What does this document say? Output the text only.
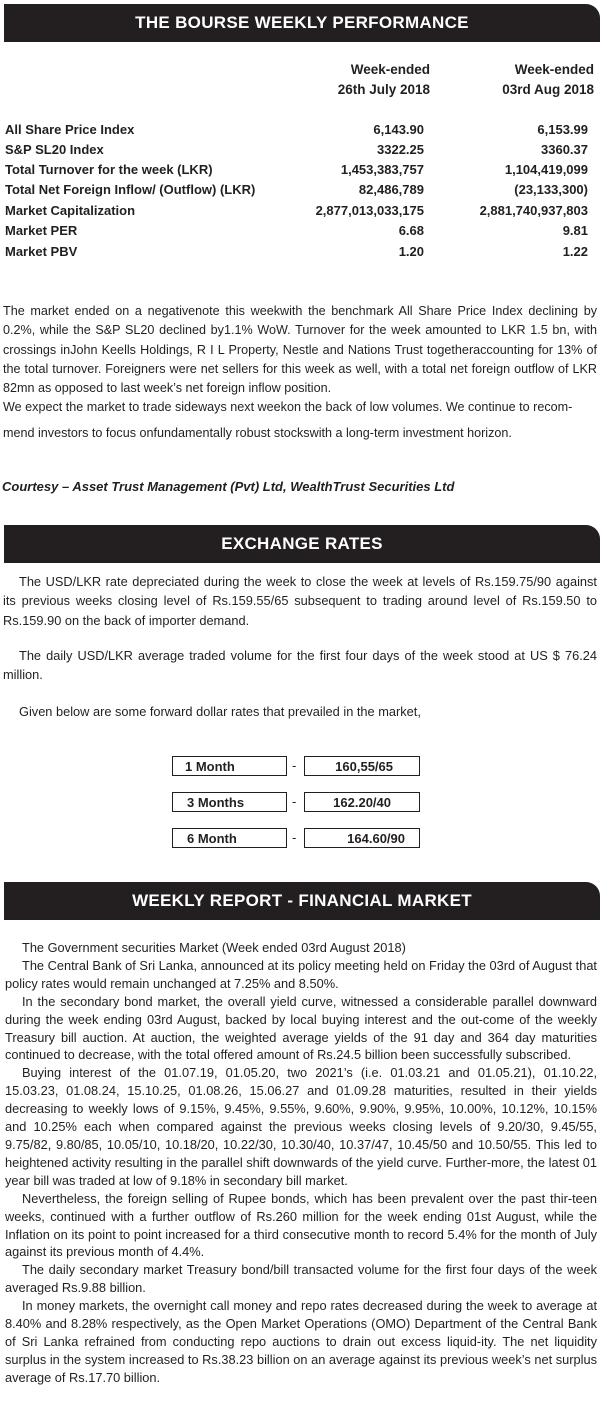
THE BOURSE WEEKLY PERFORMANCE
Week-ended
26th July 2018
Week-ended
03rd Aug 2018
All Share Price Index	6,143.90	6,153.99
S&P SL20 Index	3322.25	3360.37
Total Turnover for the week (LKR)	1,453,383,757	1,104,419,099
Total Net Foreign Inflow/ (Outflow) (LKR)	82,486,789	(23,133,300)
Market Capitalization	2,877,013,033,175	2,881,740,937,803
Market PER	6.68	9.81
Market PBV	1.20	1.22

The market ended on a negativenote this weekwith the benchmark All Share Price Index declining by 0.2%, while the S&P SL20 declined by1.1% WoW. Turnover for the week amounted to LKR 1.5 bn, with crossings inJohn Keells Holdings, R I L Property, Nestle and Nations Trust togetheraccounting for 13% of the total turnover. Foreigners were net sellers for this week as well, with a total net foreign outflow of LKR 82mn as opposed to last week’s net foreign inflow position.

We expect the market to trade sideways next weekon the back of low volumes. We continue to recom-

mend investors to focus onfundamentally robust stockswith a long-term investment horizon.

Courtesy – Asset Trust Management (Pvt) Ltd, WealthTrust Securities Ltd
EXCHANGE RATES

The USD/LKR rate depreciated during the week to close the week at levels of Rs.159.75/90 against its previous weeks closing level of Rs.159.55/65 subsequent to trading around level of Rs.159.50 to Rs.159.90 on the back of importer demand.

The daily USD/LKR average traded volume for the first four days of the week stood at US $ 76.24 million.

Given below are some forward dollar rates that prevailed in the market,

1 Month	-	160,55/65
3 Months	-	162.20/40
6 Month	-	164.60/90
WEEKLY REPORT - FINANCIAL MARKET

The Government securities Market (Week ended 03rd August 2018)

The Central Bank of Sri Lanka, announced at its policy meeting held on Friday the 03rd of August that policy rates would remain unchanged at 7.25% and 8.50%.

In the secondary bond market, the overall yield curve, witnessed a considerable parallel downward during the week ending 03rd August, backed by local buying interest and the out-come of the weekly Treasury bill auction. At auction, the weighted average yields of the 91 day and 364 day maturities continued to decrease, with the total offered amount of Rs.24.5 billion been successfully subscribed.

Buying interest of the 01.07.19, 01.05.20, two 2021’s (i.e. 01.03.21 and 01.05.21), 01.10.22, 15.03.23, 01.08.24, 15.10.25, 01.08.26, 15.06.27 and 01.09.28 maturities, resulted in their yields decreasing to weekly lows of 9.15%, 9.45%, 9.55%, 9.60%, 9.90%, 9.95%, 10.00%, 10.12%, 10.15% and 10.25% each when compared against the previous weeks closing levels of 9.20/30, 9.45/55, 9.75/82, 9.80/85, 10.05/10, 10.18/20, 10.22/30, 10.30/40, 10.37/47, 10.45/50 and 10.50/55. This led to heightened activity resulting in the parallel shift downwards of the yield curve. Further-more, the latest 01 year bill was traded at low of 9.18% in secondary bill market.

Nevertheless, the foreign selling of Rupee bonds, which has been prevalent over the past thir-teen weeks, continued with a further outflow of Rs.260 million for the week ending 01st August, while the Inflation on its point to point increased for a third consecutive month to record 5.4% for the month of July against its previous month of 4.4%.

The daily secondary market Treasury bond/bill transacted volume for the first four days of the week averaged Rs.9.88 billion.

In money markets, the overnight call money and repo rates decreased during the week to average at 8.40% and 8.28% respectively, as the Open Market Operations (OMO) Department of the Central Bank of Sri Lanka refrained from conducting repo auctions to drain out excess liquid-ity. The net liquidity surplus in the system increased to Rs.38.23 billion on an average against its previous week’s net surplus average of Rs.17.70 billion.
